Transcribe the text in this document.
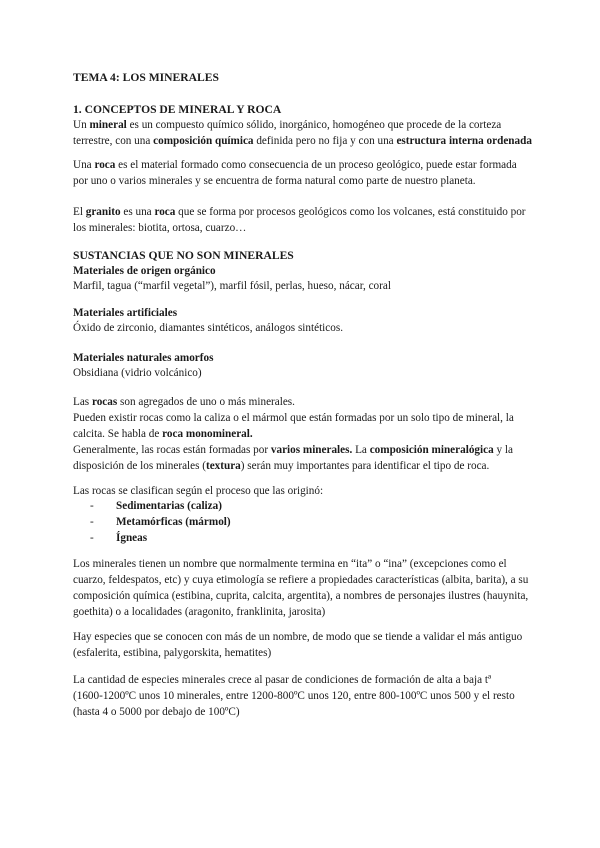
TEMA 4: LOS MINERALES
1. CONCEPTOS DE MINERAL Y ROCA
Un mineral es un compuesto químico sólido, inorgánico, homogéneo que procede de la corteza
terrestre, con una composición química definida pero no fija y con una estructura interna ordenada
Una roca es el material formado como consecuencia de un proceso geológico, puede estar formada
por uno o varios minerales y se encuentra de forma natural como parte de nuestro planeta.
El granito es una roca que se forma por procesos geológicos como los volcanes, está constituido por
los minerales: biotita, ortosa, cuarzo…
SUSTANCIAS QUE NO SON MINERALES
Materiales de origen orgánico
Marfil, tagua (“marfil vegetal”), marfil fósil, perlas, hueso, nácar, coral
Materiales artificiales
Óxido de zirconio, diamantes sintéticos, análogos sintéticos.
Materiales naturales amorfos
Obsidiana (vidrio volcánico)
Las rocas son agregados de uno o más minerales.
Pueden existir rocas como la caliza o el mármol que están formadas por un solo tipo de mineral, la
calcita. Se habla de roca monomineral.
Generalmente, las rocas están formadas por varios minerales. La composición mineralógica y la
disposición de los minerales (textura) serán muy importantes para identificar el tipo de roca.
Las rocas se clasifican según el proceso que las originó:
- Sedimentarias (caliza)
- Metamórficas (mármol)
- Ígneas
Los minerales tienen un nombre que normalmente termina en “ita” o “ina” (excepciones como el
cuarzo, feldespatos, etc) y cuya etimología se refiere a propiedades características (albita, barita), a su
composición química (estibina, cuprita, calcita, argentita), a nombres de personajes ilustres (hauynita,
goethita) o a localidades (aragonito, franklinita, jarosita)
Hay especies que se conocen con más de un nombre, de modo que se tiende a validar el más antiguo
(esfalerita, estibina, palygorskita, hematites)
La cantidad de especies minerales crece al pasar de condiciones de formación de alta a baja tª
(1600-1200ºC unos 10 minerales, entre 1200-800ºC unos 120, entre 800-100ºC unos 500 y el resto
(hasta 4 o 5000 por debajo de 100ºC)
